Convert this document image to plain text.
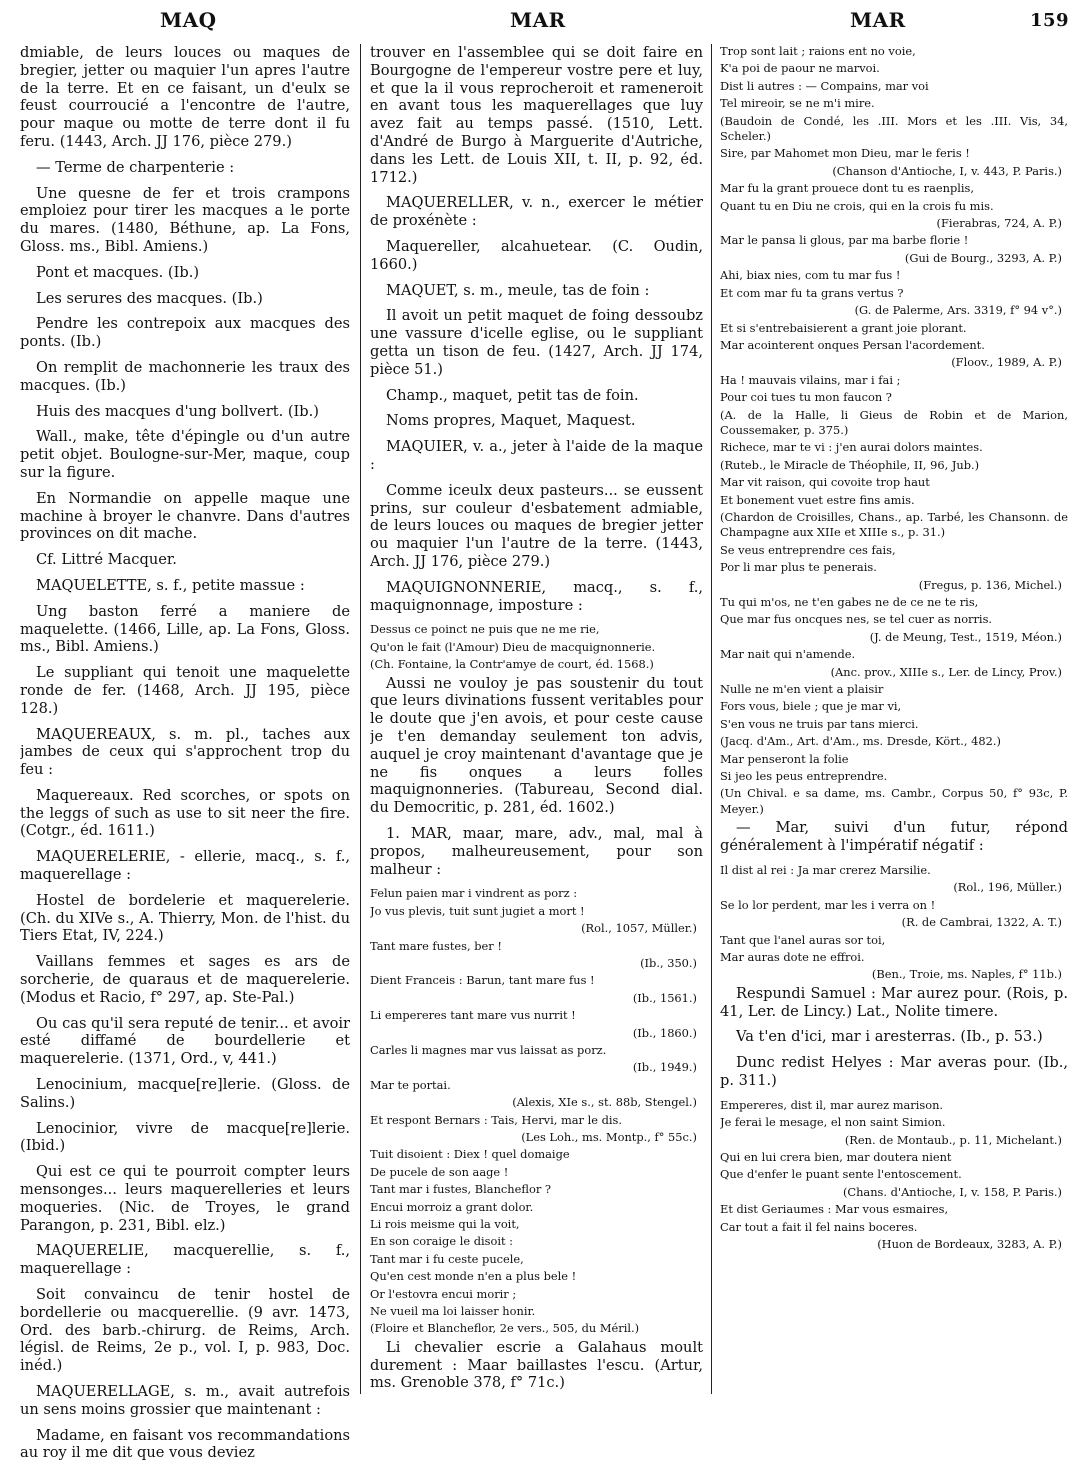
MAQ	MAR	MAR	159
dmiable, de leurs louces ou maques de bregier, jetter ou maquier l'un apres l'autre de la terre. Et en ce faisant, un d'eulx se feust courroucié a l'encontre de l'autre, pour maque ou motte de terre dont il fu feru. (1443, Arch. JJ 176, pièce 279.)
— Terme de charpenterie :
Une quesne de fer et trois crampons emploiez pour tirer les macques a le porte du mares. (1480, Béthune, ap. La Fons, Gloss. ms., Bibl. Amiens.)
Pont et macques. (Ib.)
Les serures des macques. (Ib.)
Pendre les contrepoix aux macques des ponts. (Ib.)
On remplit de machonnerie les traux des macques. (Ib.)
Huis des macques d'ung bollvert. (Ib.)
Wall., make, tête d'épingle ou d'un autre petit objet. Boulogne-sur-Mer, maque, coup sur la figure.
En Normandie on appelle maque une machine à broyer le chanvre. Dans d'autres provinces on dit mache.
Cf. Littré Macquer.
MAQUELETTE, s. f., petite massue :
Ung baston ferré a maniere de maquelette. (1466, Lille, ap. La Fons, Gloss. ms., Bibl. Amiens.)
Le suppliant qui tenoit une maquelette ronde de fer. (1468, Arch. JJ 195, pièce 128.)
MAQUEREAUX, s. m. pl., taches aux jambes de ceux qui s'approchent trop du feu :
Maquereaux. Red scorches, or spots on the leggs of such as use to sit neer the fire. (Cotgr., éd. 1611.)
MAQUERELERIE, - ellerie, macq., s. f., maquerellage :
Hostel de bordelerie et maquerelerie. (Ch. du XIVe s., A. Thierry, Mon. de l'hist. du Tiers Etat, IV, 224.)
Vaillans femmes et sages es ars de sorcherie, de quaraus et de maquerelerie. (Modus et Racio, f° 297, ap. Ste-Pal.)
Ou cas qu'il sera reputé de tenir... et avoir esté diffamé de bourdellerie et maquerelerie. (1371, Ord., v, 441.)
Lenocinium, macque[re]lerie. (Gloss. de Salins.)
Lenocinior, vivre de macque[re]lerie. (Ibid.)
Qui est ce qui te pourroit compter leurs mensonges... leurs maquerelleries et leurs moqueries. (Nic. de Troyes, le grand Parangon, p. 231, Bibl. elz.)
MAQUERELIE, macquerellie, s. f., maquerellage :
Soit convaincu de tenir hostel de bordellerie ou macquerellie. (9 avr. 1473, Ord. des barb.-chirurg. de Reims, Arch. législ. de Reims, 2e p., vol. I, p. 983, Doc. inéd.)
MAQUERELLAGE, s. m., avait autrefois un sens moins grossier que maintenant :
Madame, en faisant vos recommandations au roy il me dit que vous deviez
trouver en l'assemblee qui se doit faire en Bourgogne de l'empereur vostre pere et luy, et que la il vous reprocheroit et rameneroit en avant tous les maquerellages que luy avez fait au temps passé. (1510, Lett. d'André de Burgo à Marguerite d'Autriche, dans les Lett. de Louis XII, t. II, p. 92, éd. 1712.)
MAQUERELLER, v. n., exercer le métier de proxénète :
Maquereller, alcahuetear. (C. Oudin, 1660.)
MAQUET, s. m., meule, tas de foin :
Il avoit un petit maquet de foing dessoubz une vassure d'icelle eglise, ou le suppliant getta un tison de feu. (1427, Arch. JJ 174, pièce 51.)
Champ., maquet, petit tas de foin.
Noms propres, Maquet, Maquest.
MAQUIER, v. a., jeter à l'aide de la maque :
Comme iceulx deux pasteurs... se eussent prins, sur couleur d'esbatement admiable, de leurs louces ou maques de bregier jetter ou maquier l'un l'autre de la terre. (1443, Arch. JJ 176, pièce 279.)
MAQUIGNONNERIE, macq., s. f., maquignonnage, imposture :
Dessus ce poinct ne puis que ne me rie,
Qu'on le fait (l'Amour) Dieu de macquignonnerie.
(Ch. Fontaine, la Contr'amye de court, éd. 1568.)
Aussi ne vouloy je pas soustenir du tout que leurs divinations fussent veritables pour le doute que j'en avois, et pour ceste cause je t'en demanday seulement ton advis, auquel je croy maintenant d'avantage que je ne fis onques a leurs folles maquignonneries. (Tabureau, Second dial. du Democritic, p. 281, éd. 1602.)
1. MAR, maar, mare, adv., mal, mal à propos, malheureusement, pour son malheur :
Felun paien mar i vindrent as porz :
Jo vus plevis, tuit sunt jugiet a mort !
(Rol., 1057, Müller.)
Tant mare fustes, ber !
(Ib., 350.)
Dient Franceis : Barun, tant mare fus !
(Ib., 1561.)
Li empereres tant mare vus nurrit !
(Ib., 1860.)
Carles li magnes mar vus laissat as porz.
(Ib., 1949.)
Mar te portai.
(Alexis, XIe s., st. 88b, Stengel.)
Et respont Bernars : Tais, Hervi, mar le dis.
(Les Loh., ms. Montp., f° 55c.)
Tuit disoient : Diex ! quel domaige
De pucele de son aage !
Tant mar i fustes, Blancheflor ?
Encui morroiz a grant dolor.
Li rois meisme qui la voit,
En son coraige le disoit :
Tant mar i fu ceste pucele,
Qu'en cest monde n'en a plus bele !
Or l'estovra encui morir ;
Ne vueil ma loi laisser honir.
(Floire et Blancheflor, 2e vers., 505, du Méril.)
Li chevalier escrie a Galahaus moult durement : Maar baillastes l'escu. (Artur, ms. Grenoble 378, f° 71c.)
Trop sont lait ; raions ent no voie,
K'a poi de paour ne marvoi.
Dist li autres : — Compains, mar voi
Tel mireoir, se ne m'i mire.
(Baudoin de Condé, les .III. Mors et les .III. Vis, 34, Scheler.)
Sire, par Mahomet mon Dieu, mar le feris !
(Chanson d'Antioche, I, v. 443, P. Paris.)
Mar fu la grant prouece dont tu es raenplis,
Quant tu en Diu ne crois, qui en la crois fu mis.
(Fierabras, 724, A. P.)
Mar le pansa li glous, par ma barbe florie !
(Gui de Bourg., 3293, A. P.)
Ahi, biax nies, com tu mar fus !
Et com mar fu ta grans vertus ?
(G. de Palerme, Ars. 3319, f° 94 v°.)
Et si s'entrebaisierent a grant joie plorant.
Mar acointerent onques Persan l'acordement.
(Floov., 1989, A. P.)
Ha ! mauvais vilains, mar i fai ;
Pour coi tues tu mon faucon ?
(A. de la Halle, li Gieus de Robin et de Marion, Coussemaker, p. 375.)
Richece, mar te vi : j'en aurai dolors maintes.
(Ruteb., le Miracle de Théophile, II, 96, Jub.)
Mar vit raison, qui covoite trop haut
Et bonement vuet estre fins amis.
(Chardon de Croisilles, Chans., ap. Tarbé, les Chansonn. de Champagne aux XIIe et XIIIe s., p. 31.)
Se veus entreprendre ces fais,
Por li mar plus te penerais.
(Fregus, p. 136, Michel.)
Tu qui m'os, ne t'en gabes ne de ce ne te ris,
Que mar fus oncques nes, se tel cuer as norris.
(J. de Meung, Test., 1519, Méon.)
Mar nait qui n'amende.
(Anc. prov., XIIIe s., Ler. de Lincy, Prov.)
Nulle ne m'en vient a plaisir
Fors vous, biele ; que je mar vi,
S'en vous ne truis par tans mierci.
(Jacq. d'Am., Art. d'Am., ms. Dresde, Kört., 482.)
Mar penseront la folie
Si jeo les peus entreprendre.
(Un Chival. e sa dame, ms. Cambr., Corpus 50, f° 93c, P. Meyer.)
— Mar, suivi d'un futur, répond généralement à l'impératif négatif :
Il dist al rei : Ja mar crerez Marsilie.
(Rol., 196, Müller.)
Se lo lor perdent, mar les i verra on !
(R. de Cambrai, 1322, A. T.)
Tant que l'anel auras sor toi,
Mar auras dote ne effroi.
(Ben., Troie, ms. Naples, f° 11b.)
Respundi Samuel : Mar aurez pour. (Rois, p. 41, Ler. de Lincy.) Lat., Nolite timere.
Va t'en d'ici, mar i aresterras. (Ib., p. 53.)
Dunc redist Helyes : Mar averas pour. (Ib., p. 311.)
Empereres, dist il, mar aurez marison.
Je ferai le mesage, el non saint Simion.
(Ren. de Montaub., p. 11, Michelant.)
Qui en lui crera bien, mar doutera nient
Que d'enfer le puant sente l'entoscement.
(Chans. d'Antioche, I, v. 158, P. Paris.)
Et dist Geriaumes : Mar vous esmaires,
Car tout a fait il fel nains boceres.
(Huon de Bordeaux, 3283, A. P.)
